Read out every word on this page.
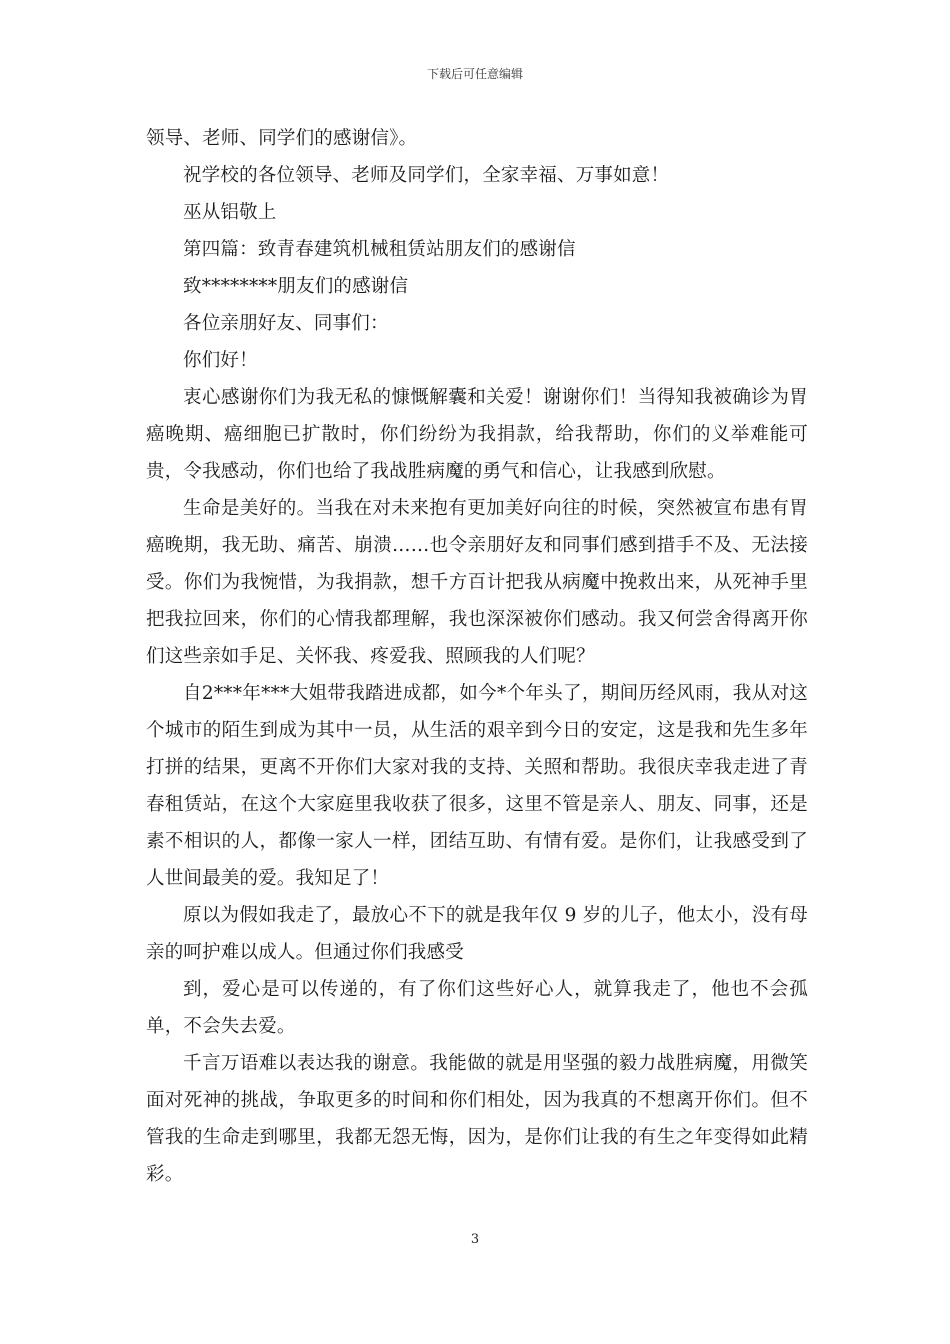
下载后可任意编辑

领导、老师、同学们的感谢信》。

祝学校的各位领导、老师及同学们，全家幸福、万事如意！

巫从铝敬上

第四篇：致青春建筑机械租赁站朋友们的感谢信

致********朋友们的感谢信

各位亲朋好友、同事们：

你们好！

衷心感谢你们为我无私的慷慨解囊和关爱！谢谢你们！当得知我被确诊为胃癌晚期、癌细胞已扩散时，你们纷纷为我捐款，给我帮助，你们的义举难能可贵，令我感动，你们也给了我战胜病魔的勇气和信心，让我感到欣慰。

生命是美好的。当我在对未来抱有更加美好向往的时候，突然被宣布患有胃癌晚期，我无助、痛苦、崩溃……也令亲朋好友和同事们感到措手不及、无法接受。你们为我惋惜，为我捐款，想千方百计把我从病魔中挽救出来，从死神手里把我拉回来，你们的心情我都理解，我也深深被你们感动。我又何尝舍得离开你们这些亲如手足、关怀我、疼爱我、照顾我的人们呢？

自2***年***大姐带我踏进成都，如今*个年头了，期间历经风雨，我从对这个城市的陌生到成为其中一员，从生活的艰辛到今日的安定，这是我和先生多年打拼的结果，更离不开你们大家对我的支持、关照和帮助。我很庆幸我走进了青春租赁站，在这个大家庭里我收获了很多，这里不管是亲人、朋友、同事，还是素不相识的人，都像一家人一样，团结互助、有情有爱。是你们，让我感受到了人世间最美的爱。我知足了！

原以为假如我走了，最放心不下的就是我年仅 9 岁的儿子，他太小，没有母亲的呵护难以成人。但通过你们我感受

到，爱心是可以传递的，有了你们这些好心人，就算我走了，他也不会孤单，不会失去爱。

千言万语难以表达我的谢意。我能做的就是用坚强的毅力战胜病魔，用微笑面对死神的挑战，争取更多的时间和你们相处，因为我真的不想离开你们。但不管我的生命走到哪里，我都无怨无悔，因为，是你们让我的有生之年变得如此精彩。

3
